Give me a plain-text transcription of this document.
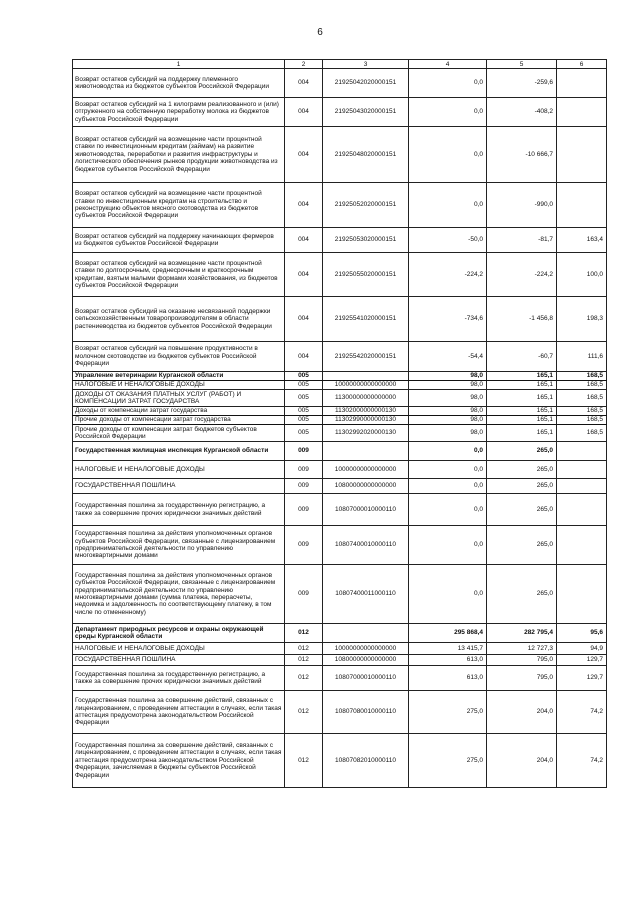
6
1	2	3	4	5	6
Возврат остатков субсидий на поддержку племенного животноводства из бюджетов субъектов Российской Федерации	004	21925042020000151	0,0	-259,6	
Возврат остатков субсидий на 1 килограмм реализованного и (или) отгруженного на собственную переработку молока из бюджетов субъектов Российской Федерации	004	21925043020000151	0,0	-408,2	
Возврат остатков субсидий на возмещение части процентной ставки по инвестиционным кредитам (займам) на развитие животноводства, переработки и развития инфраструктуры и логистического обеспечения рынков продукции животноводства из бюджетов субъектов Российской Федерации	004	21925048020000151	0,0	-10 666,7	
Возврат остатков субсидий на возмещение части процентной ставки по инвестиционным кредитам на строительство и реконструкцию объектов мясного скотоводства из бюджетов субъектов Российской Федерации	004	21925052020000151	0,0	-990,0	
Возврат остатков субсидий на поддержку начинающих фермеров из бюджетов субъектов Российской Федерации	004	21925053020000151	-50,0	-81,7	163,4
Возврат остатков субсидий на возмещение части процентной ставки по долгосрочным, среднесрочным и краткосрочным кредитам, взятым малыми формами хозяйствования, из бюджетов субъектов Российской Федерации	004	21925055020000151	-224,2	-224,2	100,0
Возврат остатков субсидий на оказание несвязанной поддержки сельскохозяйственным товаропроизводителям в области растениеводства из бюджетов субъектов Российской Федерации	004	21925541020000151	-734,6	-1 456,8	198,3
Возврат остатков субсидий на повышение продуктивности в молочном скотоводстве из бюджетов субъектов Российской Федерации	004	21925542020000151	-54,4	-60,7	111,6
Управление ветеринарии Курганской области	005		98,0	165,1	168,5
НАЛОГОВЫЕ И НЕНАЛОГОВЫЕ ДОХОДЫ	005	10000000000000000	98,0	165,1	168,5
ДОХОДЫ ОТ ОКАЗАНИЯ ПЛАТНЫХ УСЛУГ (РАБОТ) И КОМПЕНСАЦИИ ЗАТРАТ ГОСУДАРСТВА	005	11300000000000000	98,0	165,1	168,5
Доходы от компенсации затрат государства	005	11302000000000130	98,0	165,1	168,5
Прочие доходы от компенсации затрат государства	005	11302990000000130	98,0	165,1	168,5
Прочие доходы от компенсации затрат бюджетов субъектов Российской Федерации	005	11302992020000130	98,0	165,1	168,5
Государственная жилищная инспекция Курганской области	009		0,0	265,0	
НАЛОГОВЫЕ И НЕНАЛОГОВЫЕ ДОХОДЫ	009	10000000000000000	0,0	265,0	
ГОСУДАРСТВЕННАЯ ПОШЛИНА	009	10800000000000000	0,0	265,0	
Государственная пошлина за государственную регистрацию, а также за совершение прочих юридически значимых действий	009	10807000010000110	0,0	265,0	
Государственная пошлина за действия уполномоченных органов субъектов Российской Федерации, связанные с лицензированием предпринимательской деятельности по управлению многоквартирными домами	009	10807400010000110	0,0	265,0	
Государственная пошлина за действия уполномоченных органов субъектов Российской Федерации, связанные с лицензированием предпринимательской деятельности по управлению многоквартирными домами (сумма платежа, перерасчеты, недоимка и задолженность по соответствующему платежу, в том числе по отмененному)	009	10807400011000110	0,0	265,0	
Департамент природных ресурсов и охраны окружающей среды Курганской области	012		295 868,4	282 795,4	95,6
НАЛОГОВЫЕ И НЕНАЛОГОВЫЕ ДОХОДЫ	012	10000000000000000	13 415,7	12 727,3	94,9
ГОСУДАРСТВЕННАЯ ПОШЛИНА	012	10800000000000000	613,0	795,0	129,7
Государственная пошлина за государственную регистрацию, а также за совершение прочих юридически значимых действий	012	10807000010000110	613,0	795,0	129,7
Государственная пошлина за совершение действий, связанных с лицензированием, с проведением аттестации в случаях, если такая аттестация предусмотрена законодательством Российской Федерации	012	10807080010000110	275,0	204,0	74,2
Государственная пошлина за совершение действий, связанных с лицензированием, с проведением аттестации в случаях, если такая аттестация предусмотрена законодательством Российской Федерации, зачисляемая в бюджеты субъектов Российской Федерации	012	10807082010000110	275,0	204,0	74,2
